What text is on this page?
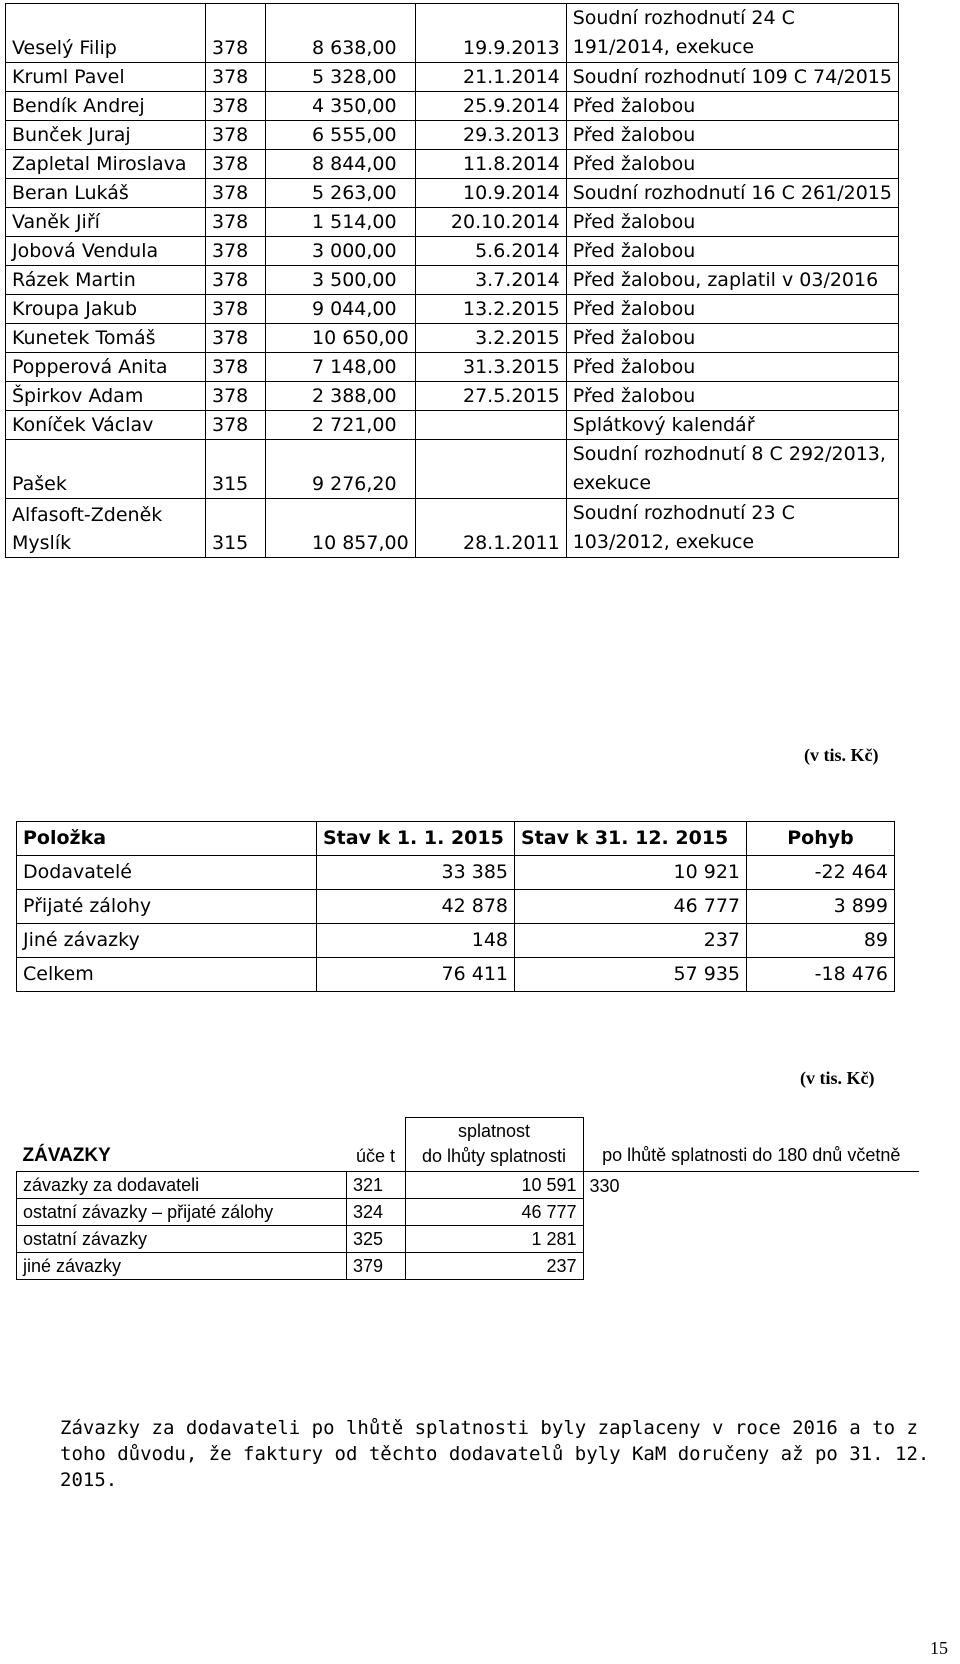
Veselý Filip	378	8 638,00	19.9.2013	Soudní rozhodnutí 24 C 191/2014, exekuce
Kruml Pavel	378	5 328,00	21.1.2014	Soudní rozhodnutí 109 C 74/2015
Bendík Andrej	378	4 350,00	25.9.2014	Před žalobou
Bunček Juraj	378	6 555,00	29.3.2013	Před žalobou
Zapletal Miroslava	378	8 844,00	11.8.2014	Před žalobou
Beran Lukáš	378	5 263,00	10.9.2014	Soudní rozhodnutí 16 C 261/2015
Vaněk Jiří	378	1 514,00	20.10.2014	Před žalobou
Jobová Vendula	378	3 000,00	5.6.2014	Před žalobou
Rázek Martin	378	3 500,00	3.7.2014	Před žalobou, zaplatil v 03/2016
Kroupa Jakub	378	9 044,00	13.2.2015	Před žalobou
Kunetek Tomáš	378	10 650,00	3.2.2015	Před žalobou
Popperová Anita	378	7 148,00	31.3.2015	Před žalobou
Špirkov Adam	378	2 388,00	27.5.2015	Před žalobou
Koníček Václav	378	2 721,00		Splátkový kalendář
Pašek	315	9 276,20		Soudní rozhodnutí 8 C 292/2013, exekuce
Alfasoft-Zdeněk Myslík	315	10 857,00	28.1.2011	Soudní rozhodnutí 23 C 103/2012, exekuce
(v tis. Kč)
Položka	Stav k 1. 1. 2015	Stav k 31. 12. 2015	Pohyb
Dodavatelé	33 385	10 921	-22 464
Přijaté zálohy	42 878	46 777	3 899
Jiné závazky	148	237	89
Celkem	76 411	57 935	-18 476
(v tis. Kč)
		splatnost	
ZÁVAZKY	úče t	do lhůty splatnosti	po lhůtě splatnosti do 180 dnů včetně
závazky za dodavateli	321	10 591	330
ostatní závazky – přijaté zálohy	324	46 777	
ostatní závazky	325	1 281	
jiné závazky	379	237	
Závazky za dodavateli po lhůtě splatnosti byly zaplaceny v roce 2016 a to z toho důvodu, že faktury od těchto dodavatelů byly KaM doručeny až po 31. 12. 2015.
15
